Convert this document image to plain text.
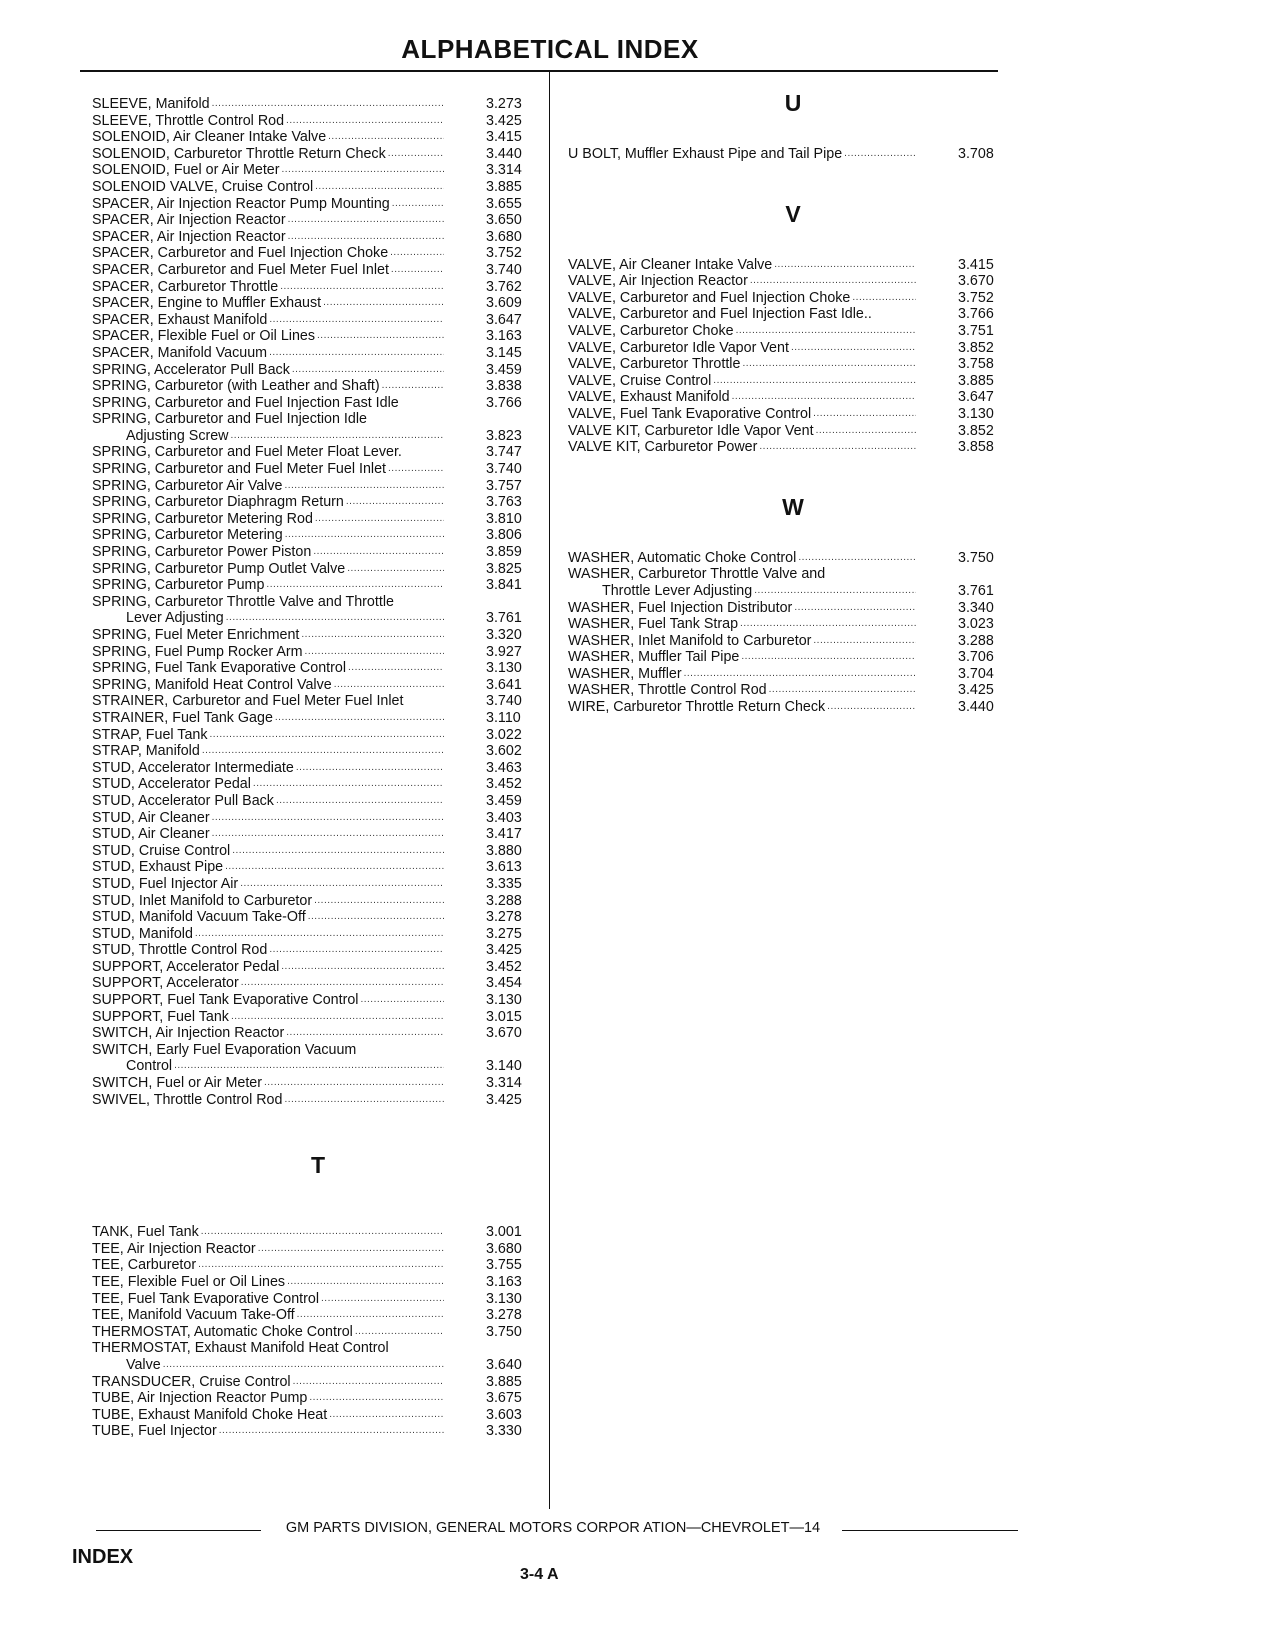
ALPHABETICAL INDEX
SLEEVE, Manifold .....	3.273
SLEEVE, Throttle Control Rod .....	3.425
SOLENOID, Air Cleaner Intake Valve .....	3.415
SOLENOID, Carburetor Throttle Return Check .....	3.440
SOLENOID, Fuel or Air Meter .....	3.314
SOLENOID VALVE, Cruise Control .....	3.885
SPACER, Air Injection Reactor Pump Mounting .....	3.655
SPACER, Air Injection Reactor .....	3.650
SPACER, Air Injection Reactor .....	3.680
SPACER, Carburetor and Fuel Injection Choke .....	3.752
SPACER, Carburetor and Fuel Meter Fuel Inlet .....	3.740
SPACER, Carburetor Throttle .....	3.762
SPACER, Engine to Muffler Exhaust .....	3.609
SPACER, Exhaust Manifold .....	3.647
SPACER, Flexible Fuel or Oil Lines .....	3.163
SPACER, Manifold Vacuum .....	3.145
SPRING, Accelerator Pull Back .....	3.459
SPRING, Carburetor (with Leather and Shaft) .....	3.838
SPRING, Carburetor and Fuel Injection Fast Idle	3.766
SPRING, Carburetor and Fuel Injection Idle
Adjusting Screw .....	3.823
SPRING, Carburetor and Fuel Meter Float Lever.	3.747
SPRING, Carburetor and Fuel Meter Fuel Inlet .....	3.740
SPRING, Carburetor Air Valve .....	3.757
SPRING, Carburetor Diaphragm Return .....	3.763
SPRING, Carburetor Metering Rod .....	3.810
SPRING, Carburetor Metering .....	3.806
SPRING, Carburetor Power Piston .....	3.859
SPRING, Carburetor Pump Outlet Valve .....	3.825
SPRING, Carburetor Pump .....	3.841
SPRING, Carburetor Throttle Valve and Throttle
Lever Adjusting .....	3.761
SPRING, Fuel Meter Enrichment .....	3.320
SPRING, Fuel Pump Rocker Arm .....	3.927
SPRING, Fuel Tank Evaporative Control .....	3.130
SPRING, Manifold Heat Control Valve .....	3.641
STRAINER, Carburetor and Fuel Meter Fuel Inlet	3.740
STRAINER, Fuel Tank Gage .....	3.110
STRAP, Fuel Tank .....	3.022
STRAP, Manifold .....	3.602
STUD, Accelerator Intermediate .....	3.463
STUD, Accelerator Pedal .....	3.452
STUD, Accelerator Pull Back .....	3.459
STUD, Air Cleaner .....	3.403
STUD, Air Cleaner .....	3.417
STUD, Cruise Control .....	3.880
STUD, Exhaust Pipe .....	3.613
STUD, Fuel Injector Air .....	3.335
STUD, Inlet Manifold to Carburetor .....	3.288
STUD, Manifold Vacuum Take-Off .....	3.278
STUD, Manifold .....	3.275
STUD, Throttle Control Rod .....	3.425
SUPPORT, Accelerator Pedal .....	3.452
SUPPORT, Accelerator .....	3.454
SUPPORT, Fuel Tank Evaporative Control .....	3.130
SUPPORT, Fuel Tank .....	3.015
SWITCH, Air Injection Reactor .....	3.670
SWITCH, Early Fuel Evaporation Vacuum
Control .....	3.140
SWITCH, Fuel or Air Meter .....	3.314
SWIVEL, Throttle Control Rod .....	3.425
T
TANK, Fuel Tank .....	3.001
TEE, Air Injection Reactor .....	3.680
TEE, Carburetor .....	3.755
TEE, Flexible Fuel or Oil Lines .....	3.163
TEE, Fuel Tank Evaporative Control .....	3.130
TEE, Manifold Vacuum Take-Off .....	3.278
THERMOSTAT, Automatic Choke Control .....	3.750
THERMOSTAT, Exhaust Manifold Heat Control
Valve .....	3.640
TRANSDUCER, Cruise Control .....	3.885
TUBE, Air Injection Reactor Pump .....	3.675
TUBE, Exhaust Manifold Choke Heat .....	3.603
TUBE, Fuel Injector .....	3.330
U
U BOLT, Muffler Exhaust Pipe and Tail Pipe .....	3.708
V
VALVE, Air Cleaner Intake Valve .....	3.415
VALVE, Air Injection Reactor .....	3.670
VALVE, Carburetor and Fuel Injection Choke .....	3.752
VALVE, Carburetor and Fuel Injection Fast Idle..	3.766
VALVE, Carburetor Choke .....	3.751
VALVE, Carburetor Idle Vapor Vent .....	3.852
VALVE, Carburetor Throttle .....	3.758
VALVE, Cruise Control .....	3.885
VALVE, Exhaust Manifold .....	3.647
VALVE, Fuel Tank Evaporative Control .....	3.130
VALVE KIT, Carburetor Idle Vapor Vent .....	3.852
VALVE KIT, Carburetor Power .....	3.858
W
WASHER, Automatic Choke Control .....	3.750
WASHER, Carburetor Throttle Valve and
Throttle Lever Adjusting .....	3.761
WASHER, Fuel Injection Distributor .....	3.340
WASHER, Fuel Tank Strap .....	3.023
WASHER, Inlet Manifold to Carburetor .....	3.288
WASHER, Muffler Tail Pipe .....	3.706
WASHER, Muffler .....	3.704
WASHER, Throttle Control Rod .....	3.425
WIRE, Carburetor Throttle Return Check .....	3.440
GM PARTS DIVISION, GENERAL MOTORS CORPOR ATION—CHEVROLET—14
INDEX
3-4 A
